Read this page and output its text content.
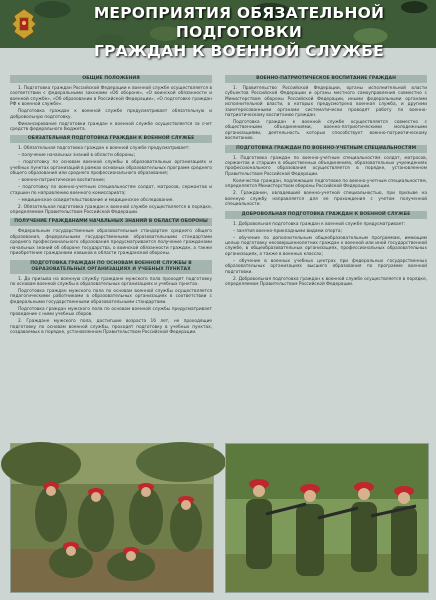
МЕРОПРИЯТИЯ ОБЯЗАТЕЛЬНОЙ ПОДГОТОВКИ
ГРАЖДАН К ВОЕННОЙ СЛУЖБЕ
ОБЩИЕ ПОЛОЖЕНИЯ

1. Подготовка граждан Российской Федерации к военной службе осуществляется в соответствии с федеральными законами «Об обороне», «О воинской обязанности и военной службе», «Об образовании в Российской Федерации», «О подготовке граждан РФ к военной службе».

Подготовка граждан к военной службе предусматривает обязательную и добровольную подготовку.

Финансирование подготовки граждан к военной службе осуществляется за счет средств федерального бюджета.

ОБЯЗАТЕЛЬНАЯ ПОДГОТОВКА ГРАЖДАН К ВОЕННОЙ СЛУЖБЕ

1. Обязательная подготовка граждан к военной службе предусматривает:

– получение начальных знаний в области обороны;

– подготовку по основам военной службы в образовательных организациях и учебных пунктах организаций в рамках основных образовательных программ среднего общего образования или среднего профессионального образования;

– военно-патриотическое воспитание;

– подготовку по военно-учетным специальностям солдат, матросов, сержантов и старшин по направлению военного комиссариата;

– медицинское освидетельствование и медицинское обследование.

2. Обязательная подготовка граждан к военной службе осуществляется в порядке, определяемом Правительством Российской Федерации.

ПОЛУЧЕНИЕ ГРАЖДАНАМИ НАЧАЛЬНЫХ ЗНАНИЙ В ОБЛАСТИ ОБОРОНЫ

Федеральным государственным образовательным стандартом среднего общего образования, федеральными государственными образовательными стандартами среднего профессионального образования предусматривается получение гражданами начальных знаний об обороне государства, о воинской обязанности граждан, а также приобретение гражданами навыков в области гражданской обороны.

ПОДГОТОВКА ГРАЖДАН ПО ОСНОВАМ ВОЕННОЙ СЛУЖБЫ В ОБРАЗОВАТЕЛЬНЫХ ОРГАНИЗАЦИЯХ И УЧЕБНЫХ ПУНКТАХ

1. До призыва на военную службу граждане мужского пола проходят подготовку по основам военной службы в образовательных организациях и учебных пунктах.

Подготовка граждан мужского пола по основам военной службы осуществляется педагогическими работниками в образовательных организациях в соответствии с федеральными государственными образовательными стандартами.

Подготовка граждан мужского пола по основам военной службы предусматривает проведение с ними учебных сборов.

2. Граждане мужского пола, достигшие возраста 16 лет, не проходящие подготовку по основам военной службы, проходят подготовку в учебных пунктах, создаваемых в порядке, установленном Правительством Российской Федерации.

ВОЕННО-ПАТРИОТИЧЕСКОЕ ВОСПИТАНИЕ ГРАЖДАН

1. Правительство Российской Федерации, органы исполнительной власти субъектов Российской Федерации и органы местного самоуправления совместно с Министерством обороны Российской Федерации, иными федеральными органами исполнительной власти, в которых предусмотрена военная служба, и другими заинтересованными органами систематически проводят работу по военно-патриотическому воспитанию граждан.

Подготовка граждан к военной службе осуществляется совместно с общественными объединениями, военно-патриотическими молодежными организациями, деятельность которых способствует военно-патриотическому воспитанию.

ПОДГОТОВКА ГРАЖДАН ПО ВОЕННО-УЧЕТНЫМ СПЕЦИАЛЬНОСТЯМ

1. Подготовка граждан по военно-учетным специальностям солдат, матросов, сержантов и старшин в общественных объединениях, образовательных учреждениях профессионального образования осуществляется в порядке, установленном Правительством Российской Федерации.

Количество граждан, подлежащих подготовке по военно-учетным специальностям, определяется Министерством обороны Российской Федерации.

2. Гражданин, овладевший военно-учетной специальностью, при призыве на военную службу направляется для ее прохождения с учетом полученной специальности.

ДОБРОВОЛЬНАЯ ПОДГОТОВКА ГРАЖДАН К ВОЕННОЙ СЛУЖБЕ

1. Добровольная подготовка граждан к военной службе предусматривает:

– занятия военно-прикладными видами спорта;

– обучение по дополнительным общеобразовательным программам, имеющим целью подготовку несовершеннолетних граждан к военной или иной государственной службе, в общеобразовательных организациях, профессиональных образовательных организациях, а также в военных классах;

– обучение в военных учебных центрах при федеральных государственных образовательных организациях высшего образования по программе военной подготовки.

2. Добровольная подготовка граждан к военной службе осуществляется в порядке, определяемом Правительством Российской Федерации.
